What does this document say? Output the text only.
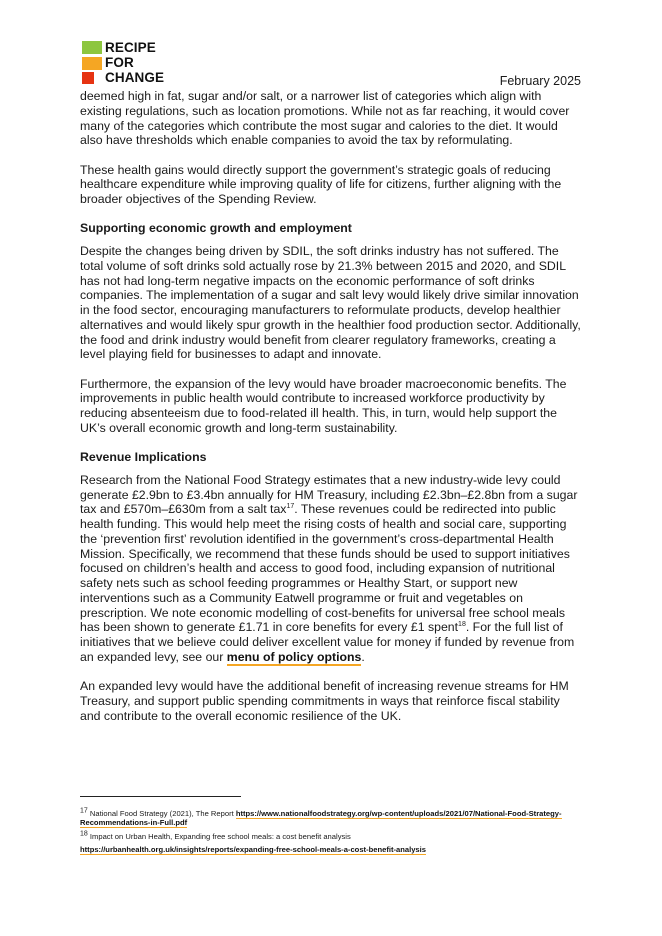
RECIPE
FOR
CHANGE	February 2025

deemed high in fat, sugar and/or salt, or a narrower list of categories which align with existing regulations, such as location promotions. While not as far reaching, it would cover many of the categories which contribute the most sugar and calories to the diet. It would also have thresholds which enable companies to avoid the tax by reformulating.

These health gains would directly support the government’s strategic goals of reducing healthcare expenditure while improving quality of life for citizens, further aligning with the broader objectives of the Spending Review.

Supporting economic growth and employment

Despite the changes being driven by SDIL, the soft drinks industry has not suffered. The total volume of soft drinks sold actually rose by 21.3% between 2015 and 2020, and SDIL has not had long-term negative impacts on the economic performance of soft drinks companies. The implementation of a sugar and salt levy would likely drive similar innovation in the food sector, encouraging manufacturers to reformulate products, develop healthier alternatives and would likely spur growth in the healthier food production sector. Additionally, the food and drink industry would benefit from clearer regulatory frameworks, creating a level playing field for businesses to adapt and innovate.

Furthermore, the expansion of the levy would have broader macroeconomic benefits. The improvements in public health would contribute to increased workforce productivity by reducing absenteeism due to food-related ill health. This, in turn, would help support the UK’s overall economic growth and long-term sustainability.

Revenue Implications

Research from the National Food Strategy estimates that a new industry-wide levy could generate £2.9bn to £3.4bn annually for HM Treasury, including £2.3bn–£2.8bn from a sugar tax and £570m–£630m from a salt tax$^{17}$. These revenues could be redirected into public health funding. This would help meet the rising costs of health and social care, supporting the ‘prevention first’ revolution identified in the government’s cross-departmental Health Mission. Specifically, we recommend that these funds should be used to support initiatives focused on children’s health and access to good food, including expansion of nutritional safety nets such as school feeding programmes or Healthy Start, or support new interventions such as a Community Eatwell programme or fruit and vegetables on prescription. We note economic modelling of cost-benefits for universal free school meals has been shown to generate £1.71 in core benefits for every £1 spent$^{18}$. For the full list of initiatives that we believe could deliver excellent value for money if funded by revenue from an expanded levy, see our menu of policy options.

An expanded levy would have the additional benefit of increasing revenue streams for HM Treasury, and support public spending commitments in ways that reinforce fiscal stability and contribute to the overall economic resilience of the UK.

$^{17}$ National Food Strategy (2021), The Report https://www.nationalfoodstrategy.org/wp-content/uploads/2021/07/National-Food-Strategy-Recommendations-in-Full.pdf
$^{18}$ Impact on Urban Health, Expanding free school meals: a cost benefit analysis
https://urbanhealth.org.uk/insights/reports/expanding-free-school-meals-a-cost-benefit-analysis
